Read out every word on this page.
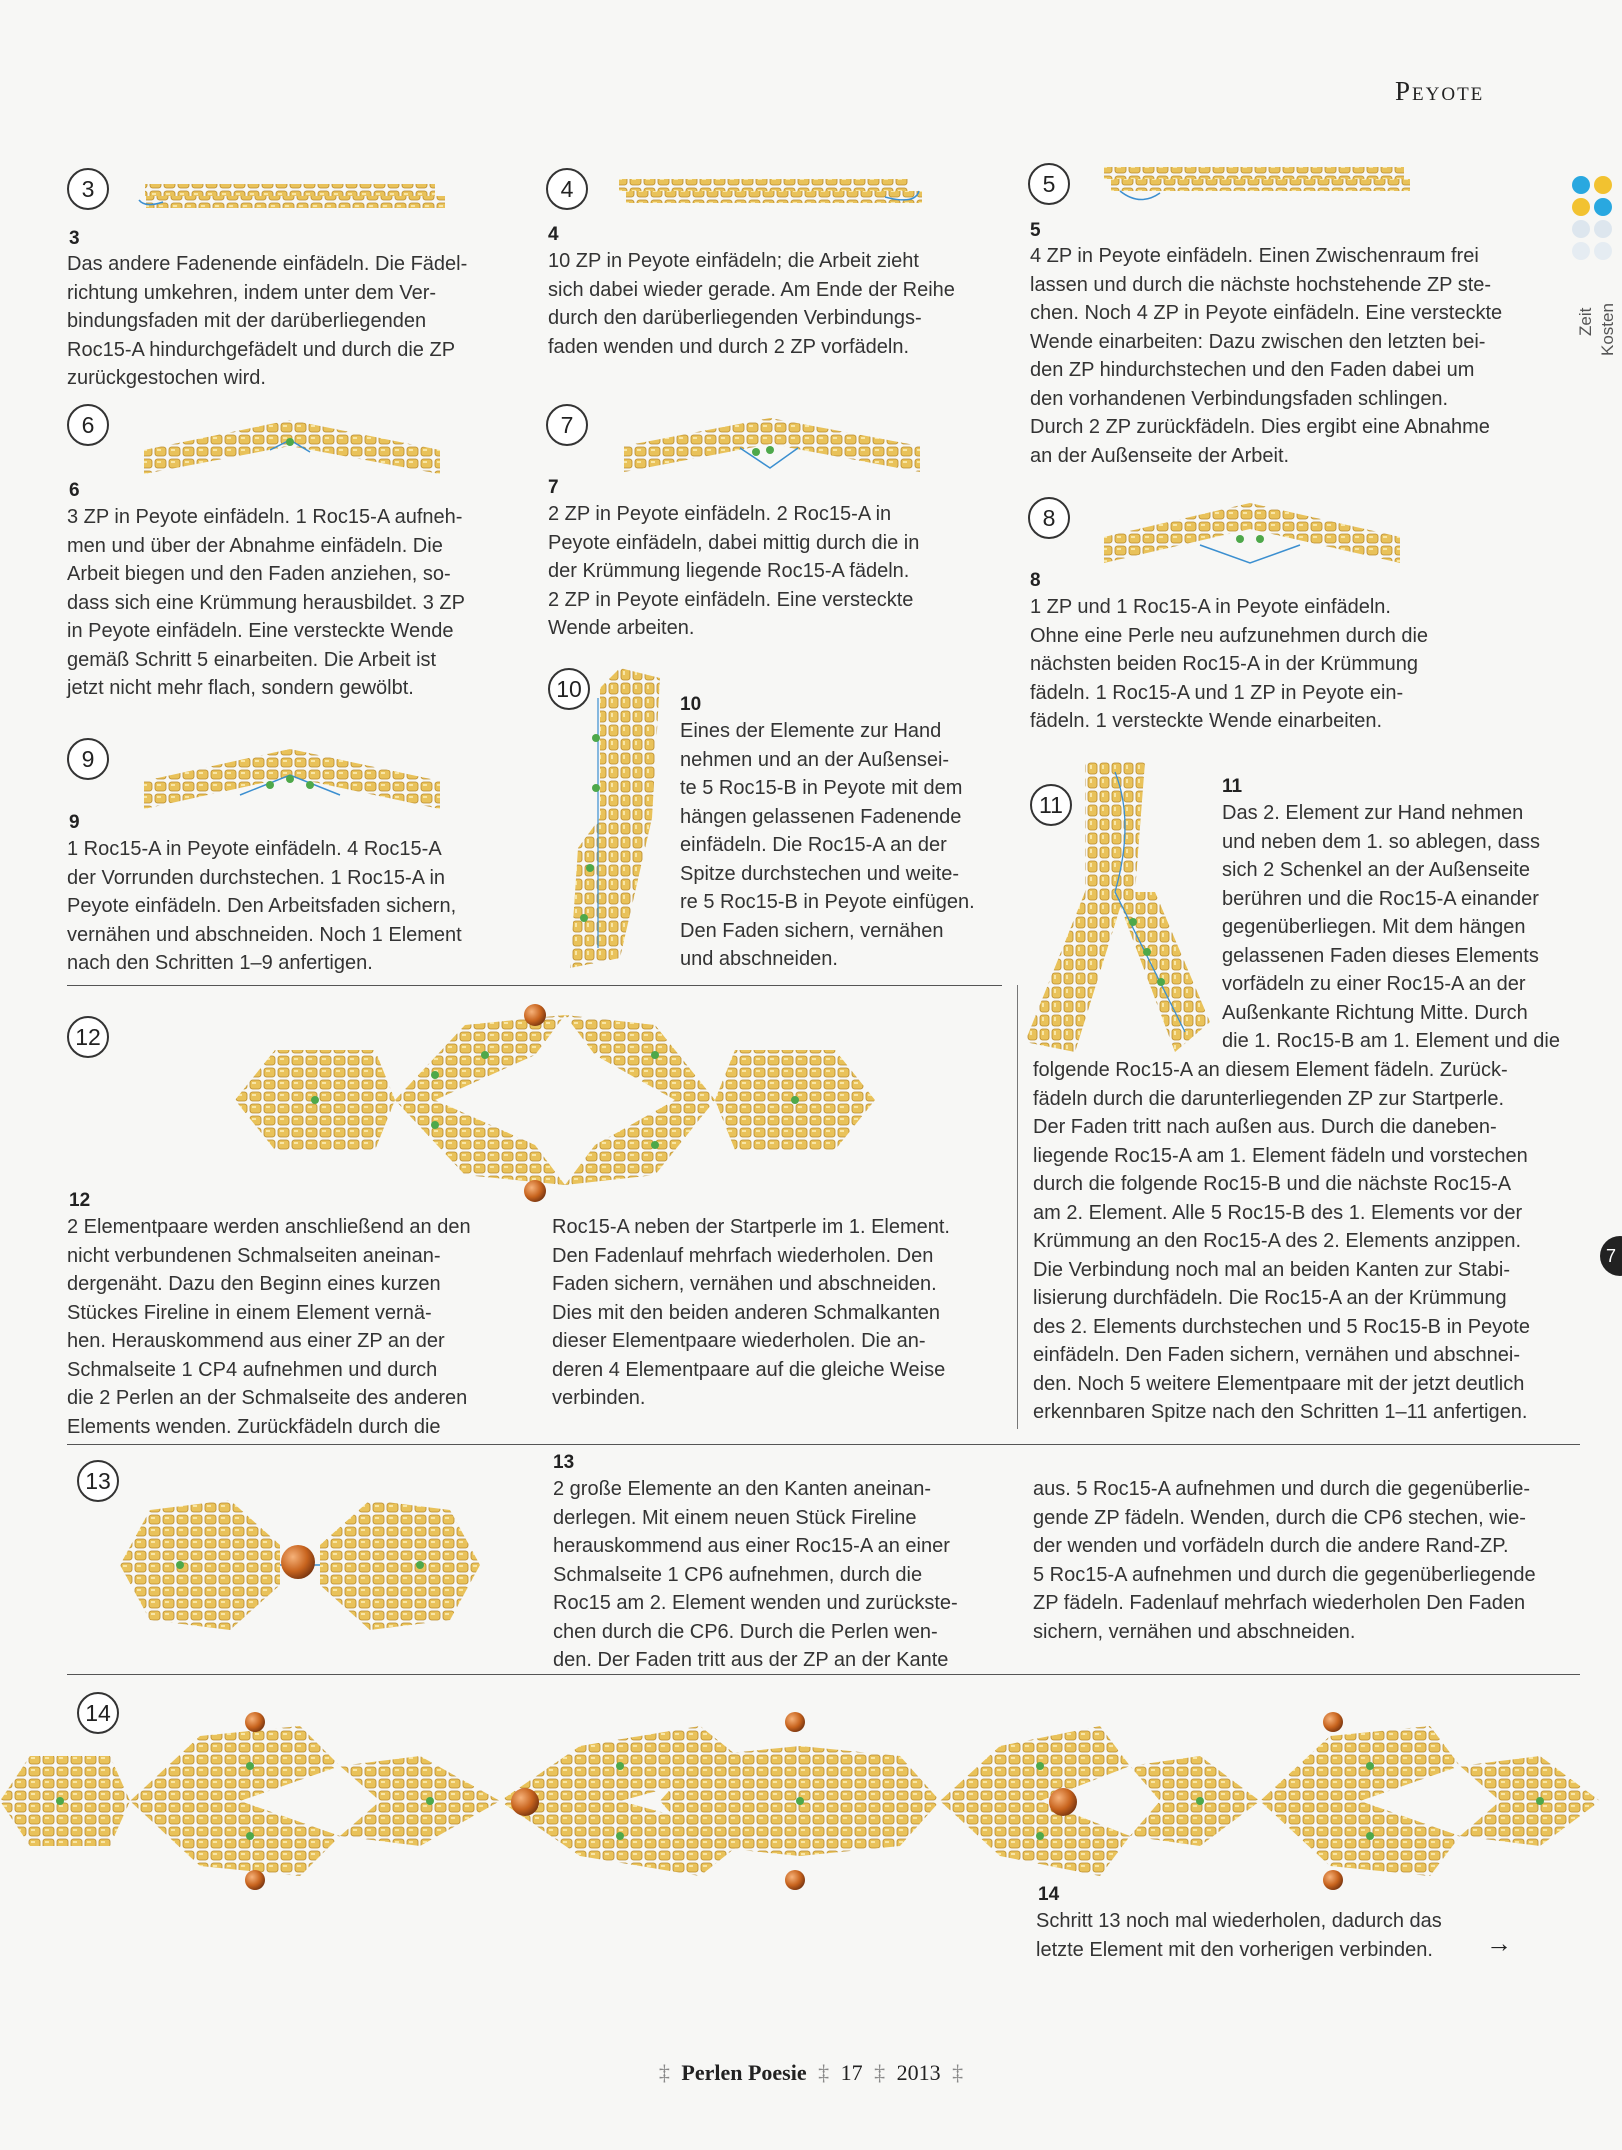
Peyote
Zeit Kosten
3
3
Das andere Fadenende einfädeln. Die Fädel-
richtung umkehren, indem unter dem Ver-
bindungsfaden mit der darüberliegenden
Roc15-A hindurchgefädelt und durch die ZP
zurückgestochen wird.
4
4
10 ZP in Peyote einfädeln; die Arbeit zieht
sich dabei wieder gerade. Am Ende der Reihe
durch den darüberliegenden Verbindungs-
faden wenden und durch 2 ZP vorfädeln.
5
5
4 ZP in Peyote einfädeln. Einen Zwischenraum frei
lassen und durch die nächste hochstehende ZP ste-
chen. Noch 4 ZP in Peyote einfädeln. Eine versteckte
Wende einarbeiten: Dazu zwischen den letzten bei-
den ZP hindurchstechen und den Faden dabei um
den vorhandenen Verbindungsfaden schlingen.
Durch 2 ZP zurückfädeln. Dies ergibt eine Abnahme
an der Außenseite der Arbeit.
6
6
3 ZP in Peyote einfädeln. 1 Roc15-A aufneh-
men und über der Abnahme einfädeln. Die
Arbeit biegen und den Faden anziehen, so-
dass sich eine Krümmung herausbildet. 3 ZP
in Peyote einfädeln. Eine versteckte Wende
gemäß Schritt 5 einarbeiten. Die Arbeit ist
jetzt nicht mehr flach, sondern gewölbt.
7
7
2 ZP in Peyote einfädeln. 2 Roc15-A in
Peyote einfädeln, dabei mittig durch die in
der Krümmung liegende Roc15-A fädeln.
2 ZP in Peyote einfädeln. Eine versteckte
Wende arbeiten.
8
8
1 ZP und 1 Roc15-A in Peyote einfädeln.
Ohne eine Perle neu aufzunehmen durch die
nächsten beiden Roc15-A in der Krümmung
fädeln. 1 Roc15-A und 1 ZP in Peyote ein-
fädeln. 1 versteckte Wende einarbeiten.
9
9
1 Roc15-A in Peyote einfädeln. 4 Roc15-A
der Vorrunden durchstechen. 1 Roc15-A in
Peyote einfädeln. Den Arbeitsfaden sichern,
vernähen und abschneiden. Noch 1 Element
nach den Schritten 1–9 anfertigen.
10
10
Eines der Elemente zur Hand
nehmen und an der Außensei-
te 5 Roc15-B in Peyote mit dem
hängen gelassenen Fadenende
einfädeln. Die Roc15-A an der
Spitze durchstechen und weite-
re 5 Roc15-B in Peyote einfügen.
Den Faden sichern, vernähen
und abschneiden.
11
11
Das 2. Element zur Hand nehmen
und neben dem 1. so ablegen, dass
sich 2 Schenkel an der Außenseite
berühren und die Roc15-A einander
gegenüberliegen. Mit dem hängen
gelassenen Faden dieses Elements
vorfädeln zu einer Roc15-A an der
Außenkante Richtung Mitte. Durch
die 1. Roc15-B am 1. Element und die
folgende Roc15-A an diesem Element fädeln. Zurück-
fädeln durch die darunterliegenden ZP zur Startperle.
Der Faden tritt nach außen aus. Durch die daneben-
liegende Roc15-A am 1. Element fädeln und vorstechen
durch die folgende Roc15-B und die nächste Roc15-A
am 2. Element. Alle 5 Roc15-B des 1. Elements vor der
Krümmung an den Roc15-A des 2. Elements anzippen.
Die Verbindung noch mal an beiden Kanten zur Stabi-
lisierung durchfädeln. Die Roc15-A an der Krümmung
des 2. Elements durchstechen und 5 Roc15-B in Peyote
einfädeln. Den Faden sichern, vernähen und abschnei-
den. Noch 5 weitere Elementpaare mit der jetzt deutlich
erkennbaren Spitze nach den Schritten 1–11 anfertigen.
12
12
2 Elementpaare werden anschließend an den
nicht verbundenen Schmalseiten aneinan-
dergenäht. Dazu den Beginn eines kurzen
Stückes Fireline in einem Element vernä-
hen. Herauskommend aus einer ZP an der
Schmalseite 1 CP4 aufnehmen und durch
die 2 Perlen an der Schmalseite des anderen
Elements wenden. Zurückfädeln durch die
Roc15-A neben der Startperle im 1. Element.
Den Fadenlauf mehrfach wiederholen. Den
Faden sichern, vernähen und abschneiden.
Dies mit den beiden anderen Schmalkanten
dieser Elementpaare wiederholen. Die an-
deren 4 Elementpaare auf die gleiche Weise
verbinden.
13
13
2 große Elemente an den Kanten aneinan-
derlegen. Mit einem neuen Stück Fireline
herauskommend aus einer Roc15-A an einer
Schmalseite 1 CP6 aufnehmen, durch die
Roc15 am 2. Element wenden und zurückste-
chen durch die CP6. Durch die Perlen wen-
den. Der Faden tritt aus der ZP an der Kante
aus. 5 Roc15-A aufnehmen und durch die gegenüberlie-
gende ZP fädeln. Wenden, durch die CP6 stechen, wie-
der wenden und vorfädeln durch die andere Rand-ZP.
5 Roc15-A aufnehmen und durch die gegenüberliegende
ZP fädeln. Fadenlauf mehrfach wiederholen Den Faden
sichern, vernähen und abschneiden.
14
14
Schritt 13 noch mal wiederholen, dadurch das
letzte Element mit den vorherigen verbinden.	→
7
‡ Perlen Poesie ‡ 17 ‡ 2013 ‡
